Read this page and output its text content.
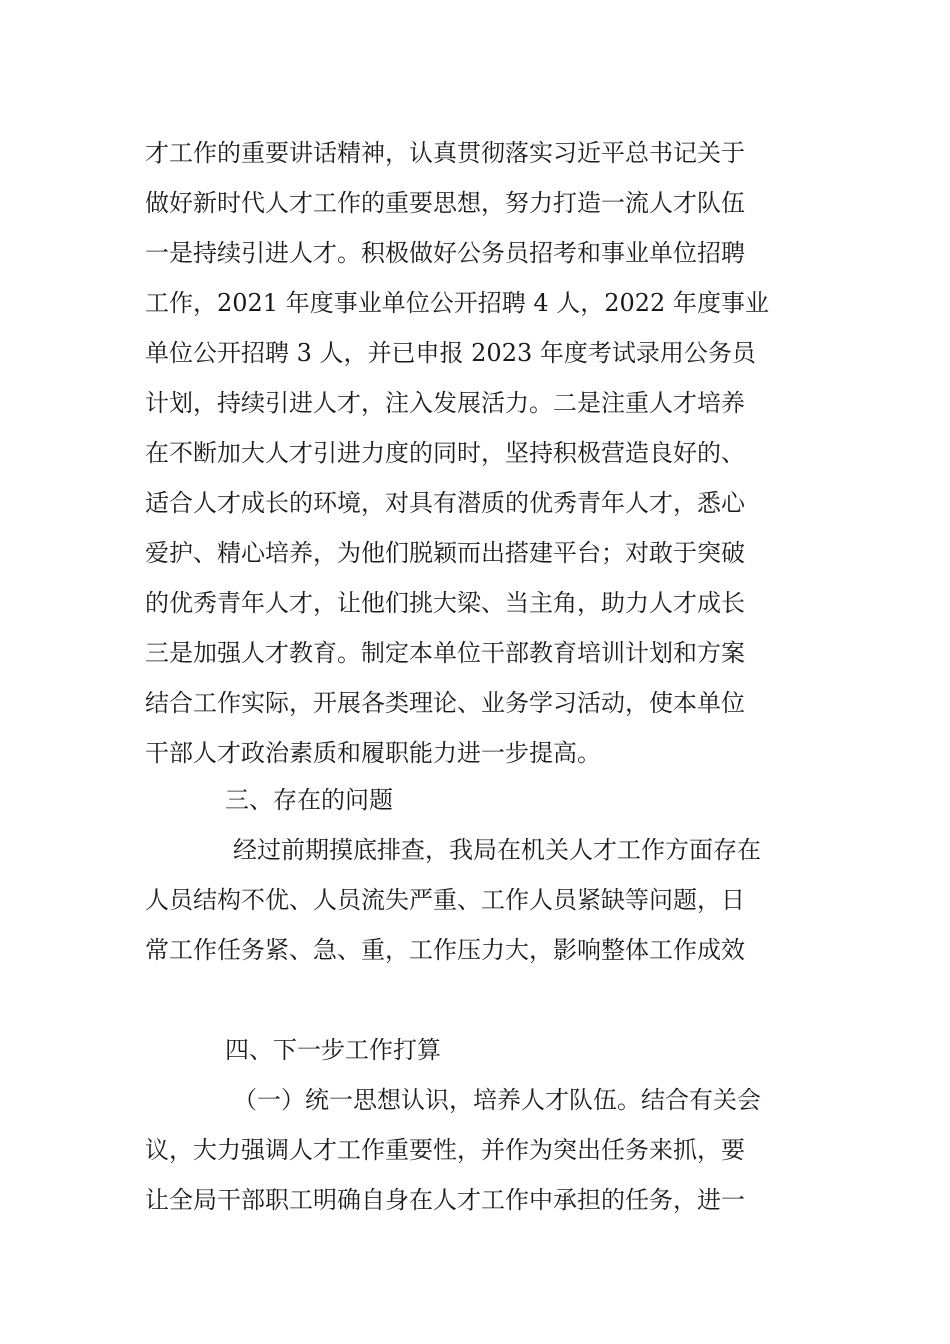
才工作的重要讲话精神，认真贯彻落实习近平总书记关于
做好新时代人才工作的重要思想，努力打造一流人才队伍
一是持续引进人才。积极做好公务员招考和事业单位招聘
工作，2021 年度事业单位公开招聘 4 人，2022 年度事业
单位公开招聘 3 人，并已申报 2023 年度考试录用公务员
计划，持续引进人才，注入发展活力。二是注重人才培养
在不断加大人才引进力度的同时，坚持积极营造良好的、
适合人才成长的环境，对具有潜质的优秀青年人才，悉心
爱护、精心培养，为他们脱颖而出搭建平台；对敢于突破
的优秀青年人才，让他们挑大梁、当主角，助力人才成长
三是加强人才教育。制定本单位干部教育培训计划和方案
结合工作实际，开展各类理论、业务学习活动，使本单位
干部人才政治素质和履职能力进一步提高。
三、存在的问题
经过前期摸底排查，我局在机关人才工作方面存在
人员结构不优、人员流失严重、工作人员紧缺等问题，日
常工作任务紧、急、重，工作压力大，影响整体工作成效
四、下一步工作打算
（一）统一思想认识，培养人才队伍。结合有关会
议，大力强调人才工作重要性，并作为突出任务来抓，要
让全局干部职工明确自身在人才工作中承担的任务，进一
